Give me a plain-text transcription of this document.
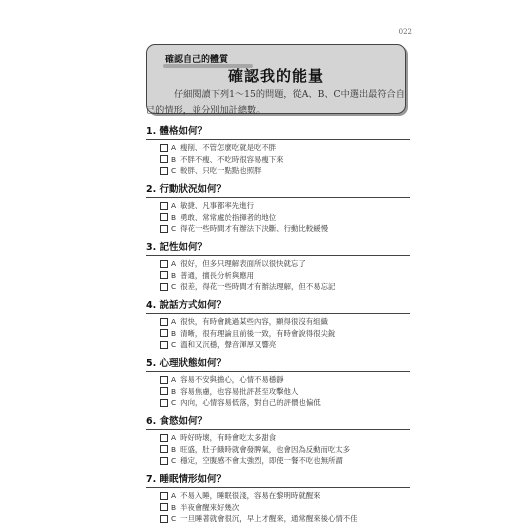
022
確認自己的體質
確認我的能量
仔細閱讀下列1～15的問題，從A、B、C中選出最符合自己的情形，並分別加計總數。
1. 體格如何？
A 瘦削、不管怎麼吃就是吃不胖
B 不胖不瘦、不吃時很容易瘦下來
C 較胖、只吃一點點也照胖
2. 行動狀況如何？
A 敏捷、凡事都率先進行
B 勇敢、常常處於指揮者的地位
C 得花一些時間才有辦法下決斷、行動比較緩慢
3. 記性如何？
A 很好，但多只理解表面所以很快就忘了
B 普通，擅長分析與應用
C 很差，得花一些時間才有辦法理解，但不易忘記
4. 說話方式如何？
A 很快，有時會跳過某些內容，顯得很沒有組織
B 清晰，很有理論且前後一致，有時會說得很尖銳
C 溫和又沉穩，聲音渾厚又響亮
5. 心理狀態如何？
A 容易不安與擔心，心情不易穩靜
B 容易焦慮，也容易批評甚至攻擊他人
C 內向，心情容易低落，對自己的評價也偏低
6. 食慾如何？
A 時好時壞，有時會吃太多甜食
B 旺盛，肚子餓時就會發脾氣，也會因為反動而吃太多
C 穩定，空腹感不會太強烈，即使一餐不吃也無所謂
7. 睡眠情形如何？
A 不易入睡，睡眠很淺，容易在黎明時就醒來
B 半夜會醒來好幾次
C 一旦睡著就會很沉，早上才醒來，通常醒來後心情不佳
